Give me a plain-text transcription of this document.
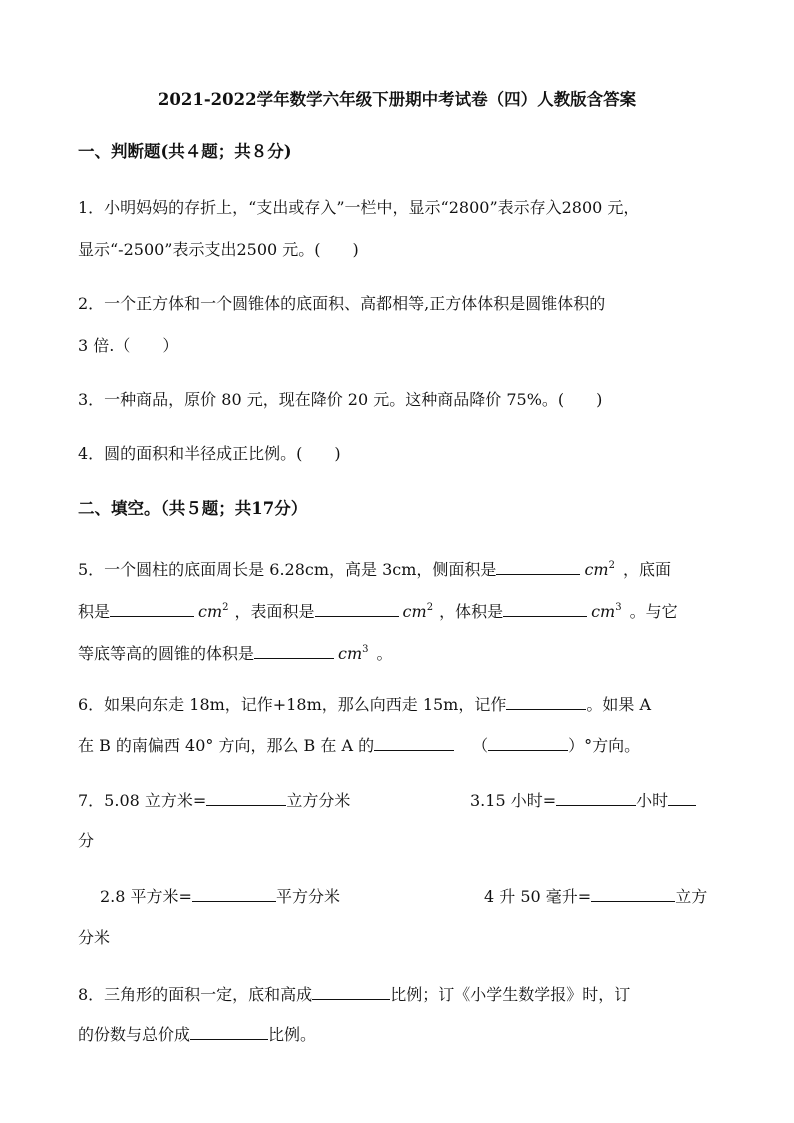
2021-2022学年数学六年级下册期中考试卷（四）人教版含答案
一、判断题(共４题；共８分)
1．小明妈妈的存折上，“支出或存入”一栏中，显示“2800”表示存入2800 元，
显示“-2500”表示支出2500 元。(　　)
2．一个正方体和一个圆锥体的底面积、高都相等,正方体体积是圆锥体积的
3 倍.（　　）
3．一种商品，原价 80 元，现在降价 20 元。这种商品降价 75%。(　　)
4．圆的面积和半径成正比例。(　　)
二、填空。（共５题；共17分）
5．一个圆柱的底面周长是 6.28cm，高是 3cm，侧面积是	$cm^2$ ，底面
积是	$cm^2$ ，表面积是	$cm^2$ ，体积是	$cm^3$ 。与它
等底等高的圆锥的体积是	$cm^3$ 。
6．如果向东走 18m，记作+18m，那么向西走 15m，记作	。如果 A
在 B 的南偏西 40° 方向，那么 B 在 A 的	（	）°方向。
7．5.08 立方米=	立方分米	3.15 小时=	小时
分
2.8 平方米=	平方分米	4 升 50 毫升=	立方
分米
8．三角形的面积一定，底和高成	比例；订《小学生数学报》时，订
的份数与总价成	比例。
